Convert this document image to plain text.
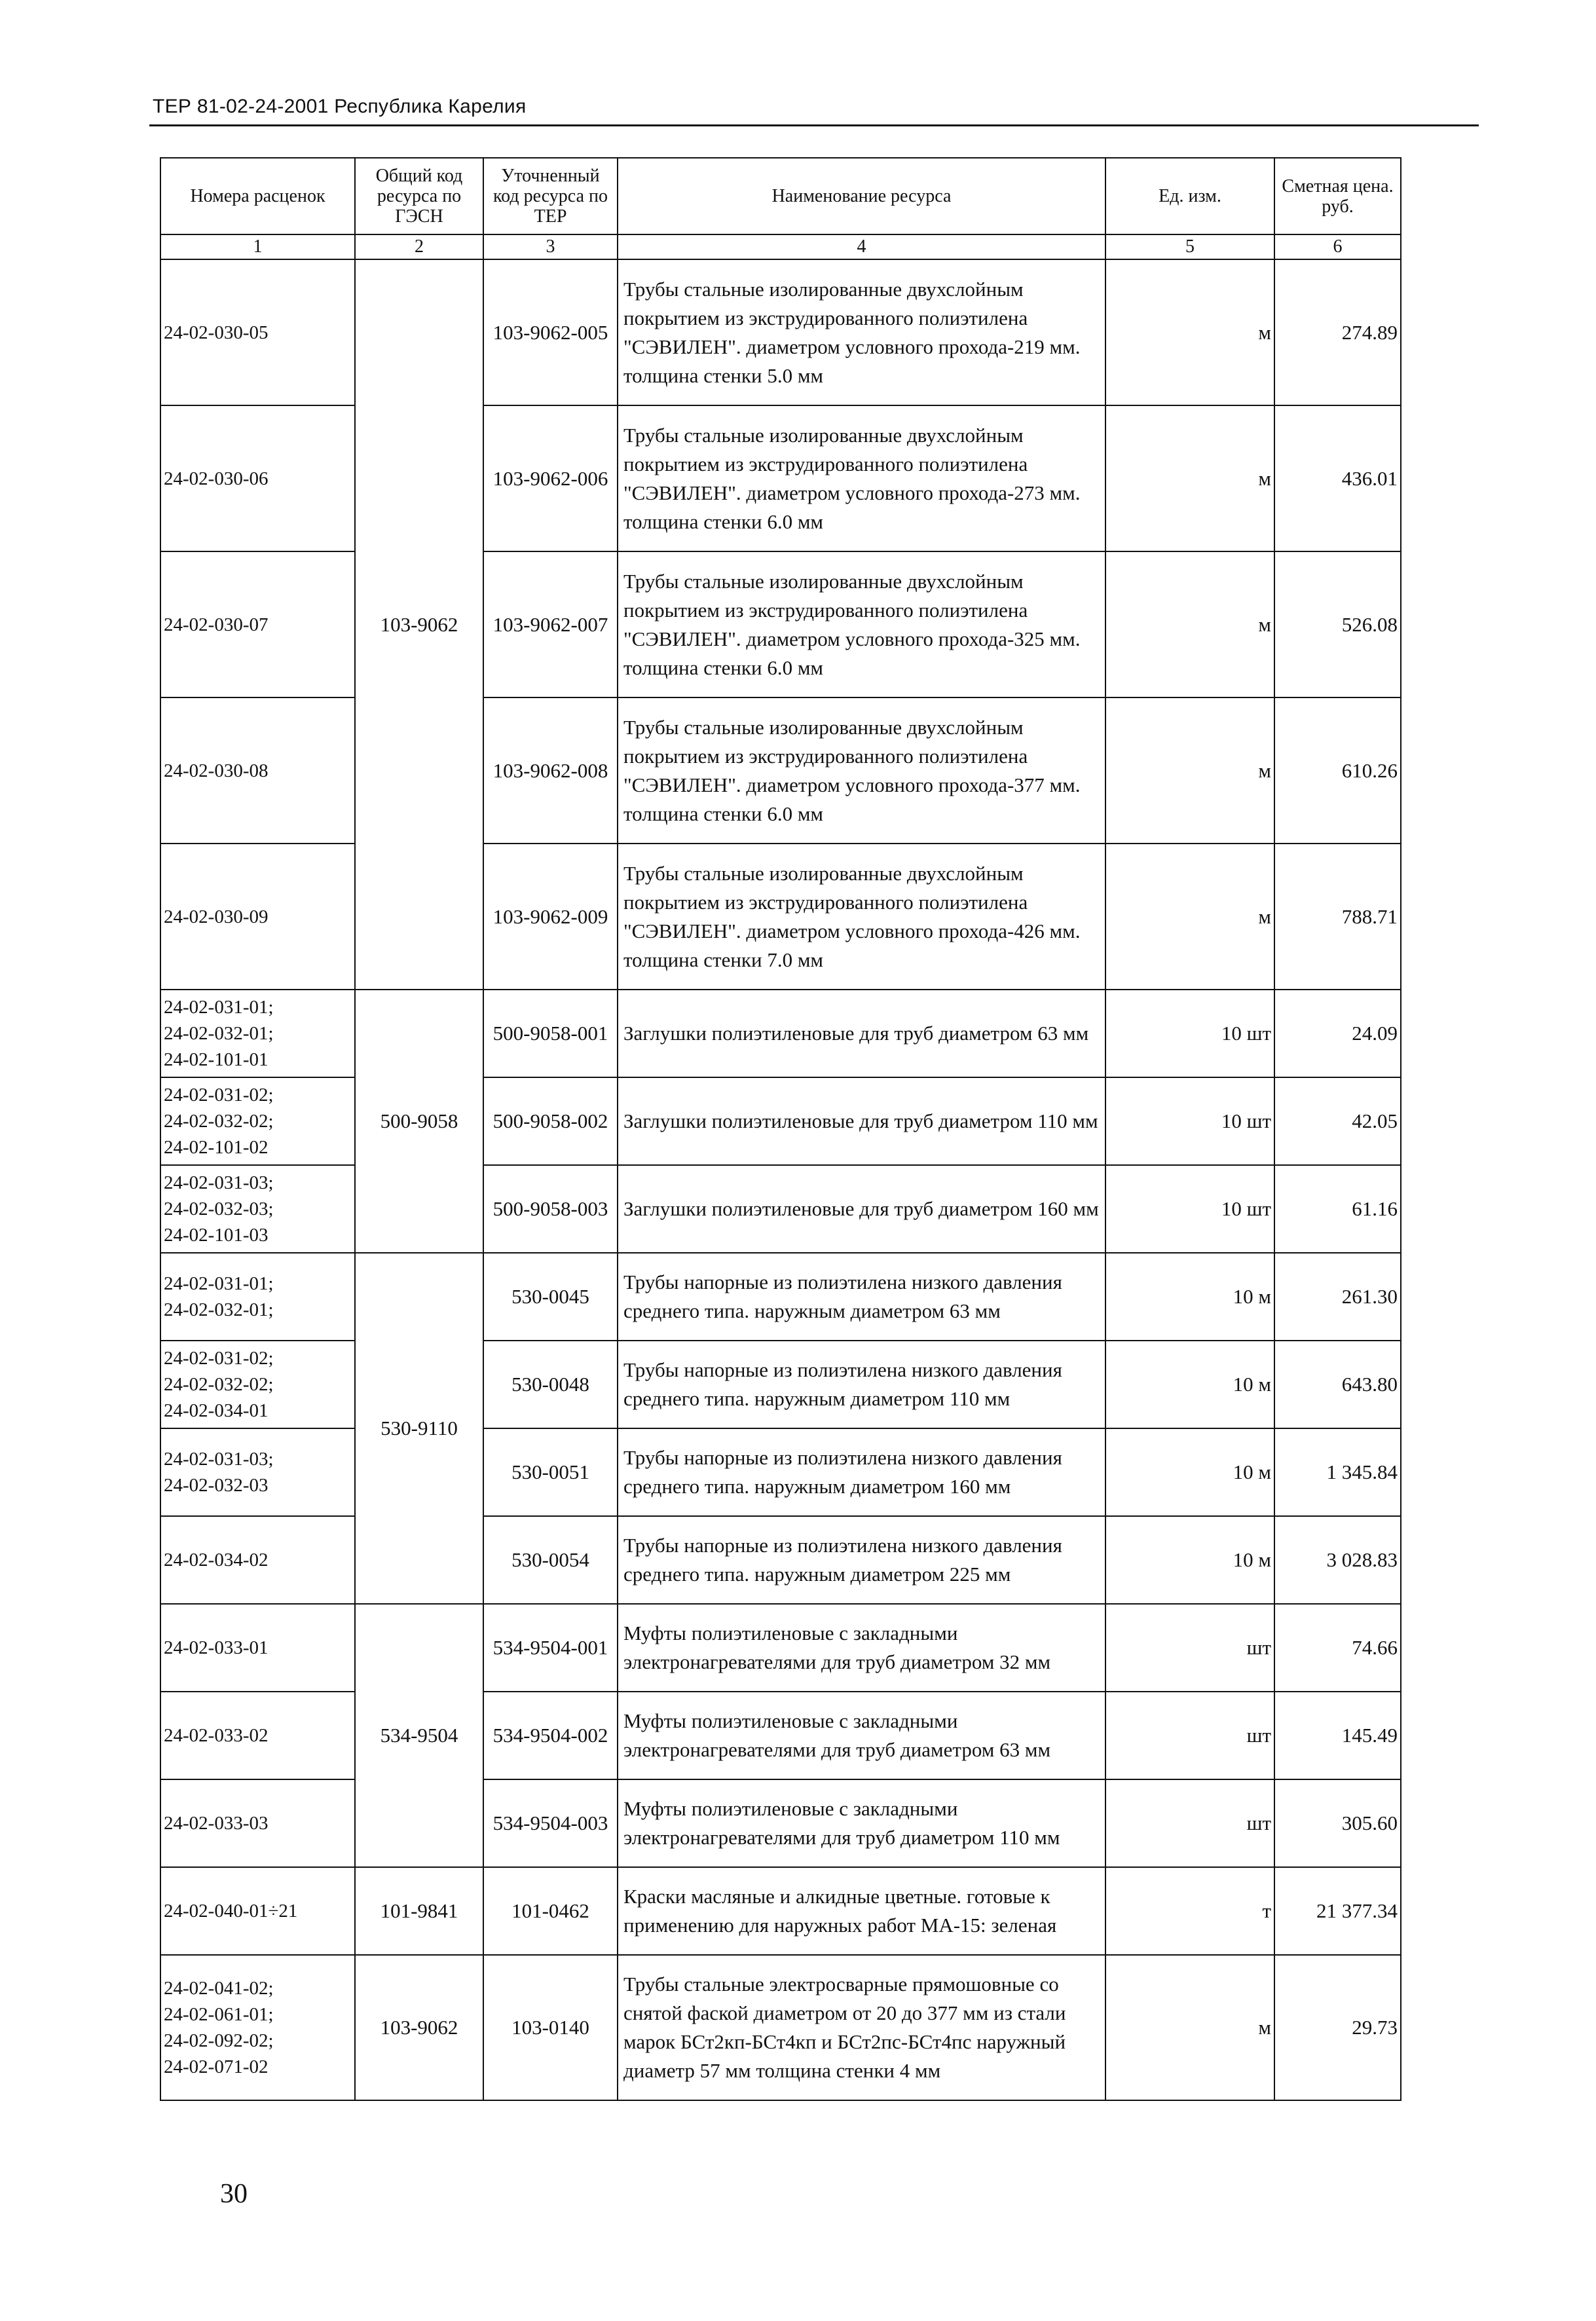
ТЕР 81-02-24-2001 Республика Карелия
Номера расценок	Общий код ресурса по ГЭСН	Уточненный код ресурса по ТЕР	Наименование ресурса	Ед. изм.	Сметная цена. руб.
1	2	3	4	5	6
24-02-030-05	103-9062	103-9062-005	Трубы стальные изолированные двухслойным покрытием из экструдированного полиэтилена "СЭВИЛЕН". диаметром условного прохода-219 мм. толщина стенки 5.0 мм	м	274.89
24-02-030-06		103-9062-006	Трубы стальные изолированные двухслойным покрытием из экструдированного полиэтилена "СЭВИЛЕН". диаметром условного прохода-273 мм. толщина стенки 6.0 мм	м	436.01
24-02-030-07		103-9062-007	Трубы стальные изолированные двухслойным покрытием из экструдированного полиэтилена "СЭВИЛЕН". диаметром условного прохода-325 мм. толщина стенки 6.0 мм	м	526.08
24-02-030-08		103-9062-008	Трубы стальные изолированные двухслойным покрытием из экструдированного полиэтилена "СЭВИЛЕН". диаметром условного прохода-377 мм. толщина стенки 6.0 мм	м	610.26
24-02-030-09		103-9062-009	Трубы стальные изолированные двухслойным покрытием из экструдированного полиэтилена "СЭВИЛЕН". диаметром условного прохода-426 мм. толщина стенки 7.0 мм	м	788.71
24-02-031-01;
24-02-032-01;
24-02-101-01	500-9058	500-9058-001	Заглушки полиэтиленовые для труб диаметром 63 мм	10 шт	24.09
24-02-031-02;
24-02-032-02;
24-02-101-02		500-9058-002	Заглушки полиэтиленовые для труб диаметром 110 мм	10 шт	42.05
24-02-031-03;
24-02-032-03;
24-02-101-03		500-9058-003	Заглушки полиэтиленовые для труб диаметром 160 мм	10 шт	61.16
24-02-031-01;
24-02-032-01;	530-9110	530-0045	Трубы напорные из полиэтилена низкого давления среднего типа. наружным диаметром 63 мм	10 м	261.30
24-02-031-02;
24-02-032-02;
24-02-034-01		530-0048	Трубы напорные из полиэтилена низкого давления среднего типа. наружным диаметром 110 мм	10 м	643.80
24-02-031-03;
24-02-032-03		530-0051	Трубы напорные из полиэтилена низкого давления среднего типа. наружным диаметром 160 мм	10 м	1 345.84
24-02-034-02		530-0054	Трубы напорные из полиэтилена низкого давления среднего типа. наружным диаметром 225 мм	10 м	3 028.83
24-02-033-01	534-9504	534-9504-001	Муфты полиэтиленовые с закладными электронагревателями для труб диаметром 32 мм	шт	74.66
24-02-033-02		534-9504-002	Муфты полиэтиленовые с закладными электронагревателями для труб диаметром 63 мм	шт	145.49
24-02-033-03		534-9504-003	Муфты полиэтиленовые с закладными электронагревателями для труб диаметром 110 мм	шт	305.60
24-02-040-01÷21	101-9841	101-0462	Краски масляные и алкидные цветные. готовые к применению для наружных работ МА-15: зеленая	т	21 377.34
24-02-041-02;
24-02-061-01;
24-02-092-02;
24-02-071-02	103-9062	103-0140	Трубы стальные электросварные прямошовные со снятой фаской диаметром от 20 до 377 мм из стали марок БСт2кп-БСт4кп и БСт2пс-БСт4пс наружный диаметр 57 мм толщина стенки 4 мм	м	29.73
30
